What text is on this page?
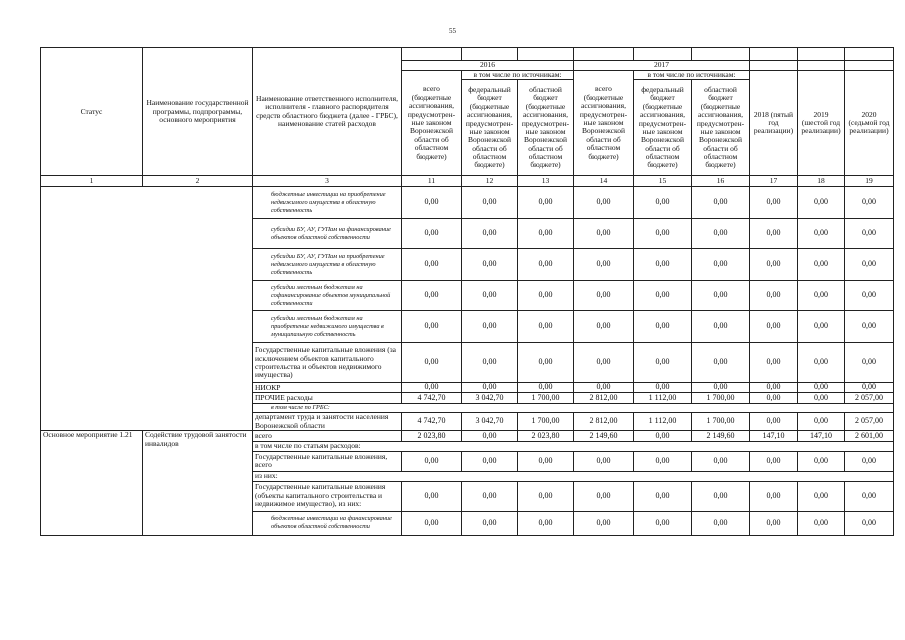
55
Статус	Наименование государственной программы, подпрограммы, основного мероприятия	Наименование ответственного исполнителя, исполнителя - главного распорядителя средств областного бюджета (далее - ГРБС), наименование статей расходов									
			2016			2017					
			всего (бюджетные ассигнования, предусмотрен-ные законом Воронежской области об областном бюджете)	в том числе по источникам:		всего (бюджетные ассигнования, предусмотрен-ные законом Воронежской области об областном бюджете)	в том числе по источникам:		2018 (пятый год реализации)	2019 (шестой год реализации)	2020 (седьмой год реализации)
				федеральный бюджет (бюджетные ассигнования, предусмотрен-ные законом Воронежской области об областном бюджете)	областной бюджет (бюджетные ассигнования, предусмотрен-ные законом Воронежской области об областном бюджете)		федеральный бюджет (бюджетные ассигнования, предусмотрен-ные законом Воронежской области об областном бюджете)	областной бюджет (бюджетные ассигнования, предусмотрен-ные законом Воронежской области об областном бюджете)			
1	2	3	11	12	13	14	15	16	17	18	19
		бюджетные инвестиции на приобретение недвижимого имущества в областную собственность	0,00	0,00	0,00	0,00	0,00	0,00	0,00	0,00	0,00
		субсидии БУ, АУ, ГУПам на финансирование объектов областной собственности	0,00	0,00	0,00	0,00	0,00	0,00	0,00	0,00	0,00
		субсидии БУ, АУ, ГУПам на приобретение недвижимого имущества в областную собственность	0,00	0,00	0,00	0,00	0,00	0,00	0,00	0,00	0,00
		субсидии местным бюджетам на софинансирование объектов муниципальной собственности	0,00	0,00	0,00	0,00	0,00	0,00	0,00	0,00	0,00
		субсидии местным бюджетам на приобретение недвижимого имущества в муниципальную собственность	0,00	0,00	0,00	0,00	0,00	0,00	0,00	0,00	0,00
		Государственные капитальные вложения (за исключением объектов капитального строительства и объектов недвижимого имущества)	0,00	0,00	0,00	0,00	0,00	0,00	0,00	0,00	0,00
		НИОКР	0,00	0,00	0,00	0,00	0,00	0,00	0,00	0,00	0,00
		ПРОЧИЕ расходы	4 742,70	3 042,70	1 700,00	2 812,00	1 112,00	1 700,00	0,00	0,00	2 057,00
		в том числе по ГРБС:									
		департамент труда и занятости населения Воронежской области	4 742,70	3 042,70	1 700,00	2 812,00	1 112,00	1 700,00	0,00	0,00	2 057,00
Основное мероприятие 1.21	Содействие трудовой занятости инвалидов	всего	2 023,80	0,00	2 023,80	2 149,60	0,00	2 149,60	147,10	147,10	2 601,00
		в том числе по статьям расходов:									
		Государственные капитальные вложения, всего	0,00	0,00	0,00	0,00	0,00	0,00	0,00	0,00	0,00
		из них:									
		Государственные капитальные вложения (объекты капитального строительства и недвижимое имущество), из них:	0,00	0,00	0,00	0,00	0,00	0,00	0,00	0,00	0,00
		бюджетные инвестиции на финансирование объектов областной собственности	0,00	0,00	0,00	0,00	0,00	0,00	0,00	0,00	0,00
